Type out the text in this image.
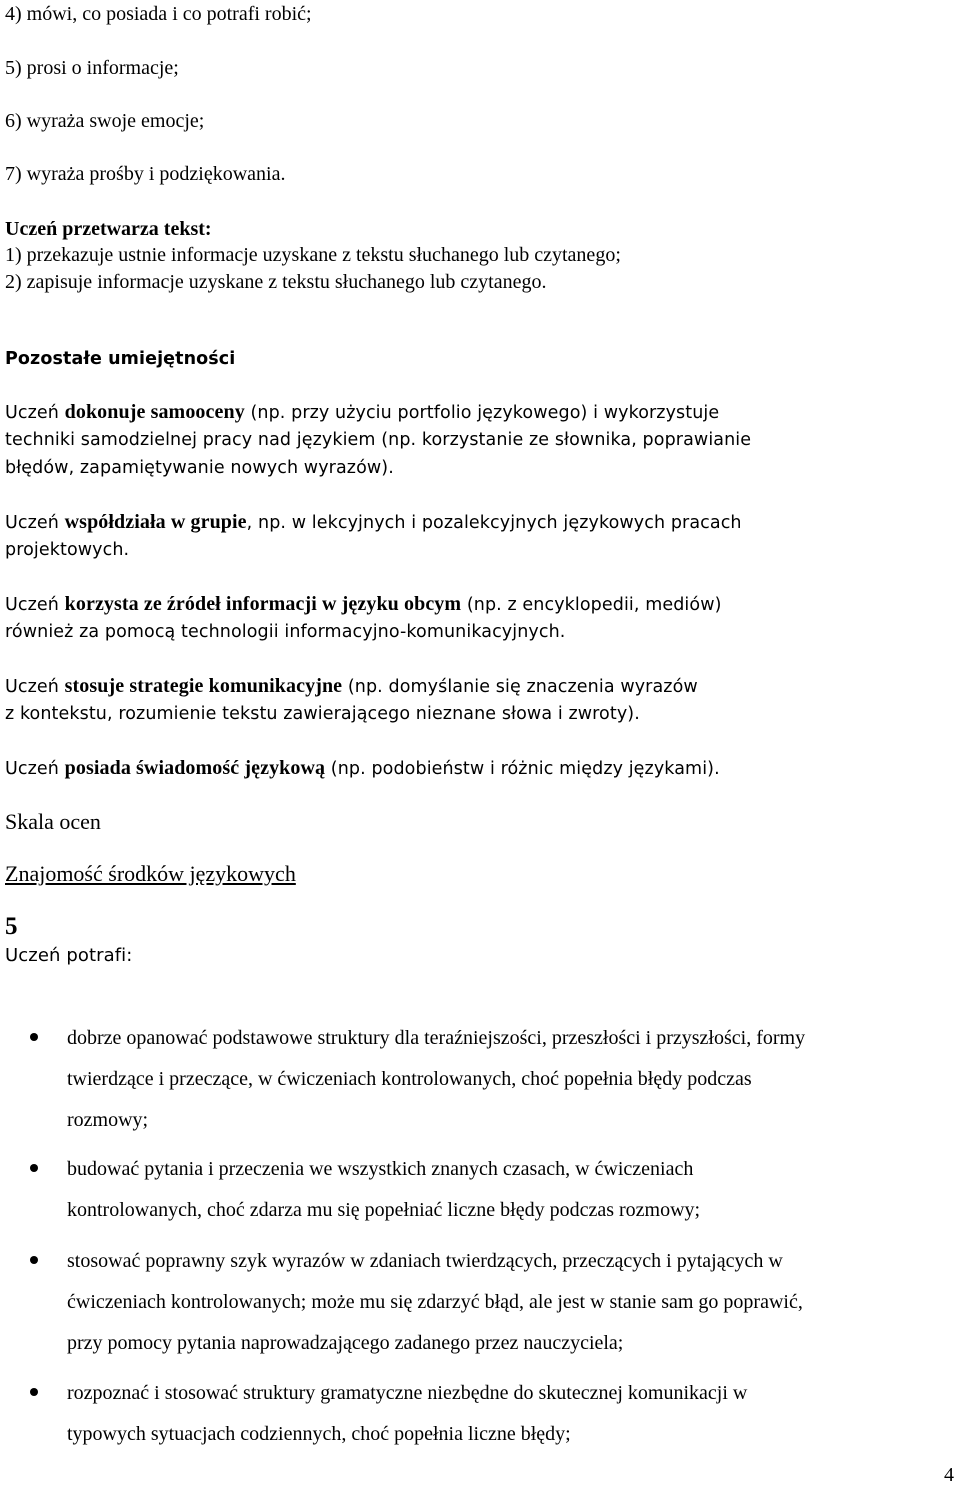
4) mówi, co posiada i co potrafi robić;
5) prosi o informacje;
6) wyraża swoje emocje;
7) wyraża prośby i podziękowania.
Uczeń przetwarza tekst:
1) przekazuje ustnie informacje uzyskane z tekstu słuchanego lub czytanego;
2) zapisuje informacje uzyskane z tekstu słuchanego lub czytanego.
Pozostałe umiejętności
Uczeń dokonuje samooceny (np. przy użyciu portfolio językowego) i wykorzystuje
techniki samodzielnej pracy nad językiem (np. korzystanie ze słownika, poprawianie
błędów, zapamiętywanie nowych wyrazów).
Uczeń współdziała w grupie, np. w lekcyjnych i pozalekcyjnych językowych pracach
projektowych.
Uczeń korzysta ze źródeł informacji w języku obcym (np. z encyklopedii, mediów)
również za pomocą technologii informacyjno-komunikacyjnych.
Uczeń stosuje strategie komunikacyjne (np. domyślanie się znaczenia wyrazów
z kontekstu, rozumienie tekstu zawierającego nieznane słowa i zwroty).
Uczeń posiada świadomość językową (np. podobieństw i różnic między językami).
Skala ocen
Znajomość środków językowych
5
Uczeń potrafi:
dobrze opanować podstawowe struktury dla teraźniejszości, przeszłości i przyszłości, formy
twierdzące i przeczące, w ćwiczeniach kontrolowanych, choć popełnia błędy podczas
rozmowy;
budować pytania i przeczenia we wszystkich znanych czasach, w ćwiczeniach
kontrolowanych, choć zdarza mu się popełniać liczne błędy podczas rozmowy;
stosować poprawny szyk wyrazów w zdaniach twierdzących, przeczących i pytających w
ćwiczeniach kontrolowanych; może mu się zdarzyć błąd, ale jest w stanie sam go poprawić,
przy pomocy pytania naprowadzającego zadanego przez nauczyciela;
rozpoznać i stosować struktury gramatyczne niezbędne do skutecznej komunikacji w
typowych sytuacjach codziennych, choć popełnia liczne błędy;
4
